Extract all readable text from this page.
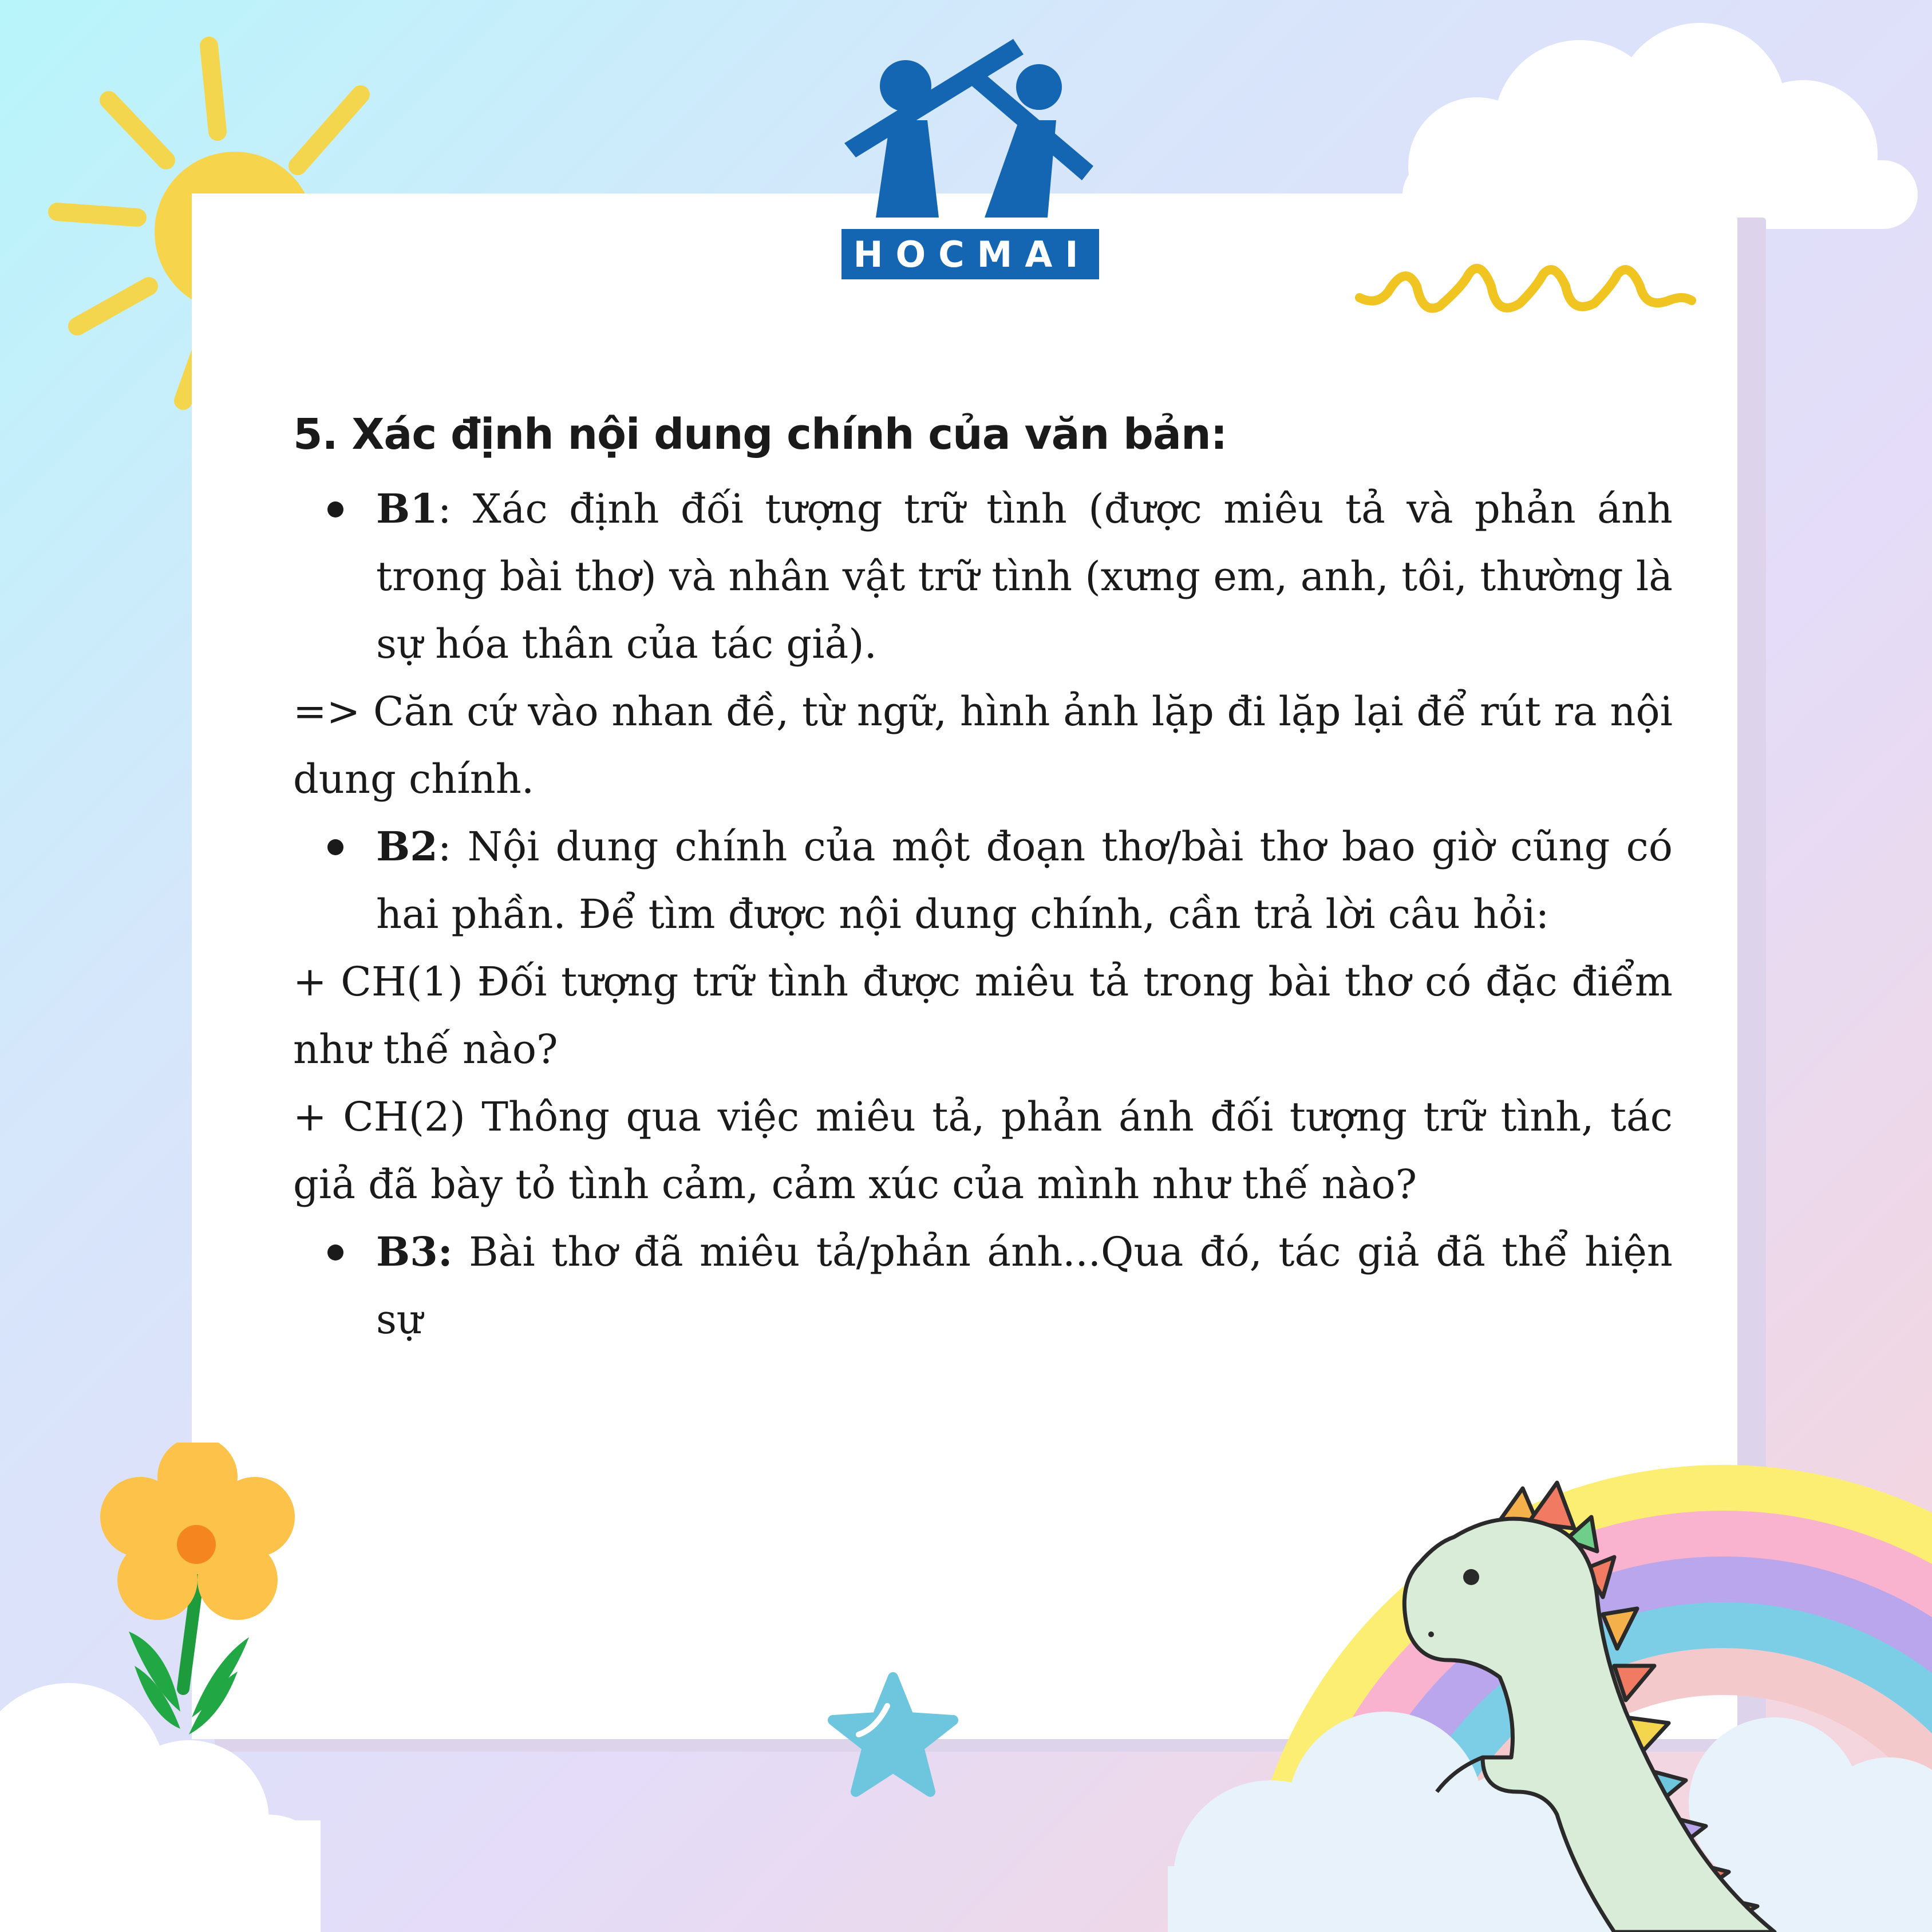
HOCMAI
5. Xác định nội dung chính của văn bản:
B1: Xác định đối tượng trữ tình (được miêu tả và phản ánh trong bài thơ) và nhân vật trữ tình (xưng em, anh, tôi, thường là sự hóa thân của tác giả).
=> Căn cứ vào nhan đề, từ ngữ, hình ảnh lặp đi lặp lại để rút ra nội dung chính.
B2: Nội dung chính của một đoạn thơ/bài thơ bao giờ cũng có hai phần. Để tìm được nội dung chính, cần trả lời câu hỏi:
+ CH(1) Đối tượng trữ tình được miêu tả trong bài thơ có đặc điểm như thế nào?
+ CH(2) Thông qua việc miêu tả, phản ánh đối tượng trữ tình, tác giả đã bày tỏ tình cảm, cảm xúc của mình như thế nào?
B3: Bài thơ đã miêu tả/phản ánh...Qua đó, tác giả đã thể hiện sự
